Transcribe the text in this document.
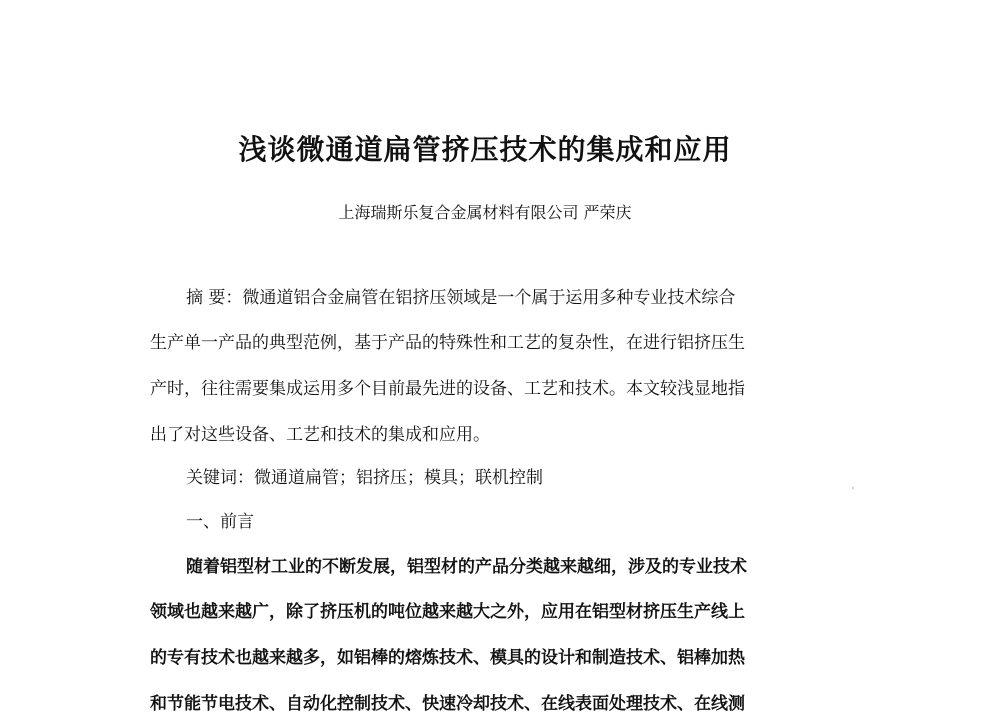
浅谈微通道扁管挤压技术的集成和应用

上海瑞斯乐复合金属材料有限公司 严荣庆

摘 要：微通道铝合金扁管在铝挤压领域是一个属于运用多种专业技术综合

生产单一产品的典型范例，基于产品的特殊性和工艺的复杂性，在进行铝挤压生

产时，往往需要集成运用多个目前最先进的设备、工艺和技术。本文较浅显地指

出了对这些设备、工艺和技术的集成和应用。

关键词：微通道扁管；铝挤压；模具；联机控制

一、前言

随着铝型材工业的不断发展，铝型材的产品分类越来越细，涉及的专业技术

领域也越来越广，除了挤压机的吨位越来越大之外，应用在铝型材挤压生产线上

的专有技术也越来越多，如铝棒的熔炼技术、模具的设计和制造技术、铝棒加热

和节能节电技术、自动化控制技术、快速冷却技术、在线表面处理技术、在线测
